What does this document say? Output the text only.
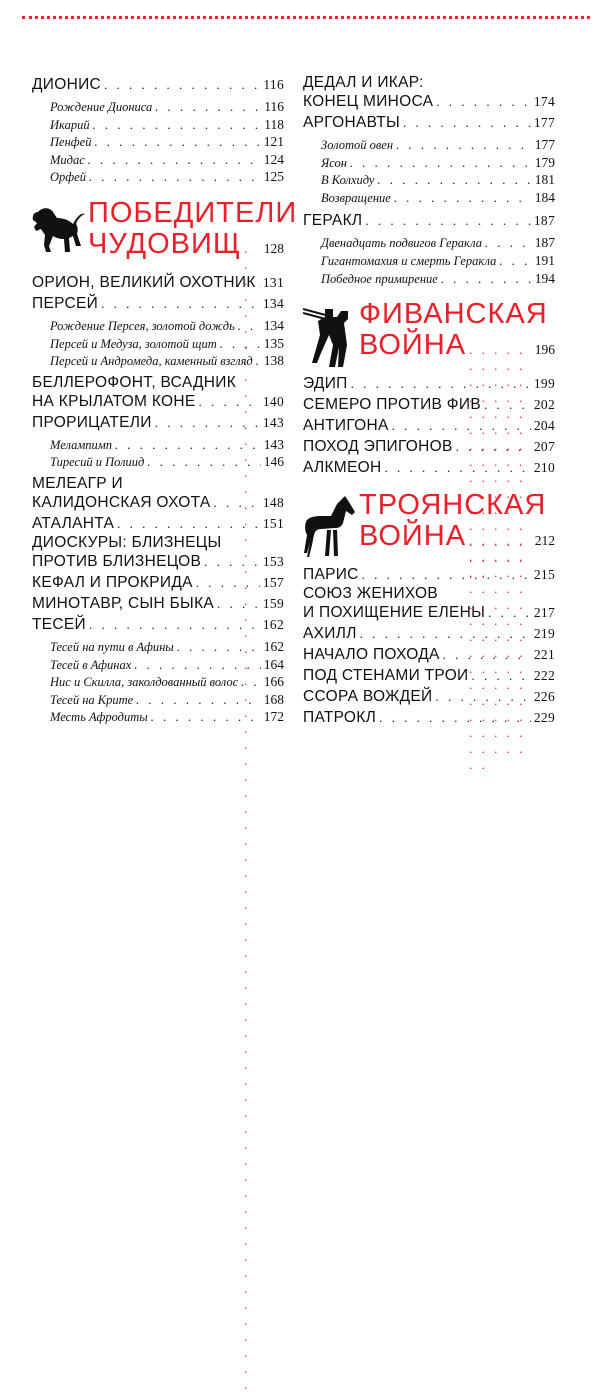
ДИОНИС . . .	116
Рождение Диониса . . .	116
Икарий . . .	118
Пенфей . . .	121
Мидас . . .	124
Орфей . . .	125
ПОБЕДИТЕЛИ
ЧУДОВИЩ . . . 128
ОРИОН, ВЕЛИКИЙ ОХОТНИК . . . 131
ПЕРСЕЙ . . .	134
Рождение Персея, золотой дождь . . . 134
Персей и Медуза, золотой щит . . .	135
Персей и Андромеда, каменный взгляд . . . 138
БЕЛЛЕРОФОНТ, ВСАДНИК
НА КРЫЛАТОМ КОНЕ . . .	140
ПРОРИЦАТЕЛИ . . .	143
Мелампимп . . .	143
Тиресий и Полиид . . .	146
МЕЛЕАГР И
КАЛИДОНСКАЯ ОХОТА . . .	148
АТАЛАНТА . . .	151
ДИОСКУРЫ: БЛИЗНЕЦЫ
ПРОТИВ БЛИЗНЕЦОВ . . .	153
КЕФАЛ И ПРОКРИДА . . .	157
МИНОТАВР, СЫН БЫКА . . .	159
ТЕСЕЙ . . .	162
Тесей на пути в Афины . . .	162
Тесей в Афинах . . .	164
Нис и Скилла, заколдованный волос . . . 166
Тесей на Крите . . .	168
Месть Афродиты . . .	172
ДЕДАЛ И ИКАР:
КОНЕЦ МИНОСА . . .	174
АРГОНАВТЫ . . .	177
Золотой овен . . .	177
Ясон . . .	179
В Колхиду . . .	181
Возвращение . . .	184
ГЕРАКЛ . . .	187
Двенадцать подвигов Геракла . . .	187
Гигантомахия и смерть Геракла . . .	191
Победное примирение . . .	194
ФИВАНСКАЯ
ВОЙНА . . .	196
ЭДИП . . .	199
СЕМЕРО ПРОТИВ ФИВ . . .	202
АНТИГОНА . . .	204
ПОХОД ЭПИГОНОВ . . .	207
АЛКМЕОН . . .	210
ТРОЯНСКАЯ
ВОЙНА . . .	212
ПАРИС . . .	215
СОЮЗ ЖЕНИХОВ
И ПОХИЩЕНИЕ ЕЛЕНЫ . . .	217
АХИЛЛ . . .	219
НАЧАЛО ПОХОДА . . .	221
ПОД СТЕНАМИ ТРОИ . . .	222
ССОРА ВОЖДЕЙ . . .	226
ПАТРОКЛ . . .	229
